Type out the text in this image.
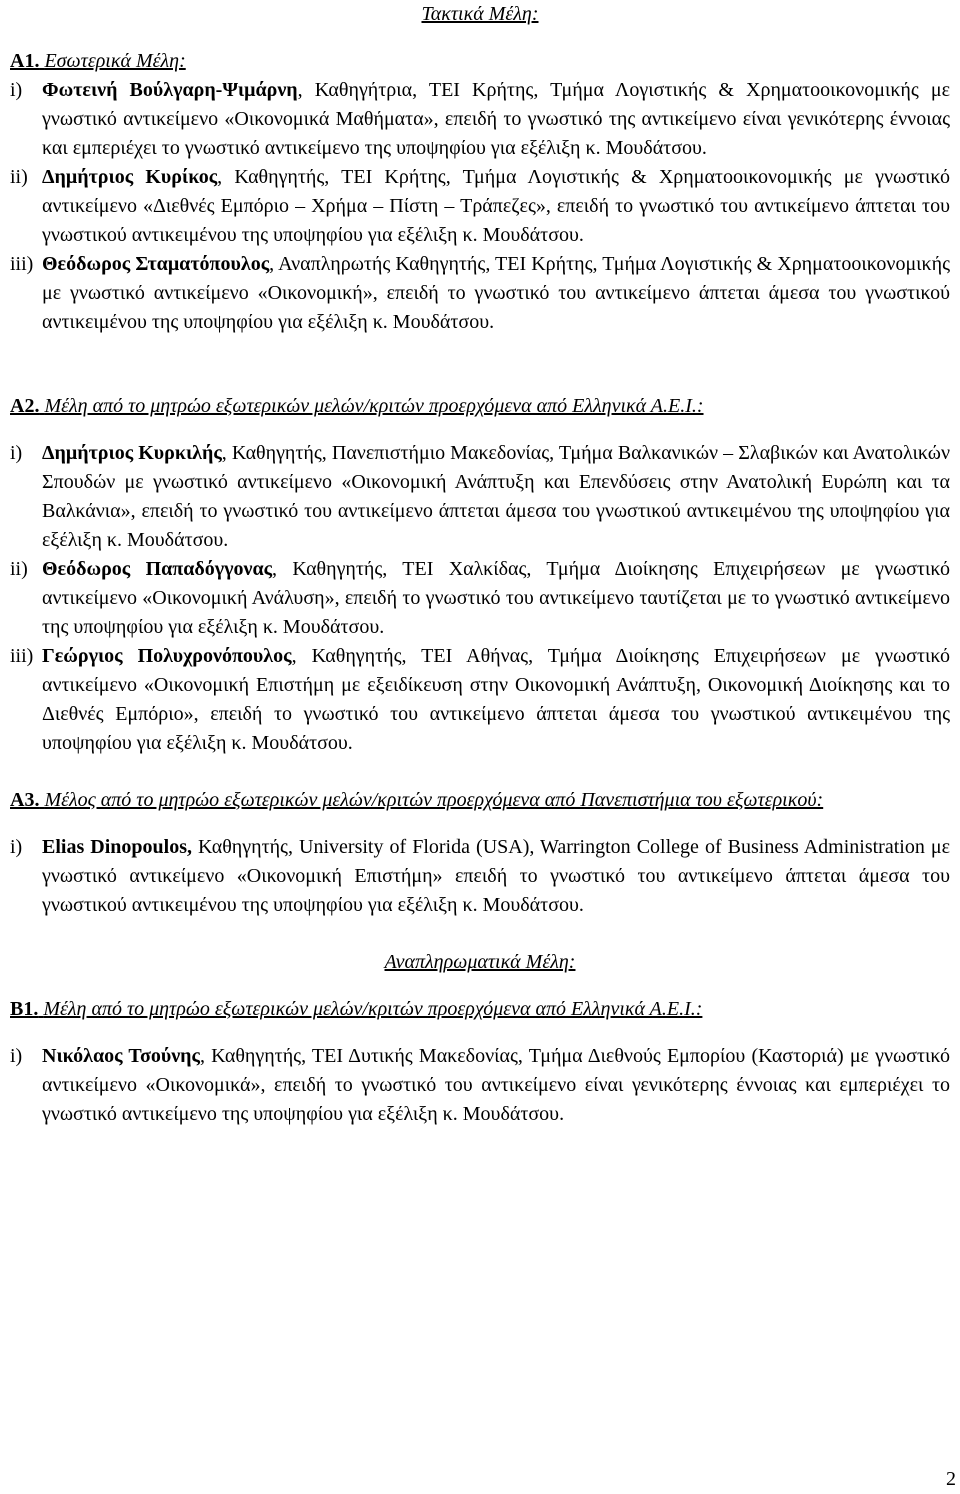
Τακτικά Μέλη:

A1. Εσωτερικά Μέλη:

i) Φωτεινή Βούλγαρη-Ψιμάρνη, Καθηγήτρια, ΤΕΙ Κρήτης, Τμήμα Λογιστικής & Χρηματοοικονομικής με γνωστικό αντικείμενο «Οικονομικά Μαθήματα», επειδή το γνωστικό της αντικείμενο είναι γενικότερης έννοιας και εμπεριέχει το γνωστικό αντικείμενο της υποψηφίου για εξέλιξη κ. Μουδάτσου.
ii) Δημήτριος Κυρίκος, Καθηγητής, ΤΕΙ Κρήτης, Τμήμα Λογιστικής & Χρηματοοικονομικής με γνωστικό αντικείμενο «Διεθνές Εμπόριο – Χρήμα – Πίστη – Τράπεζες», επειδή το γνωστικό του αντικείμενο άπτεται του γνωστικού αντικειμένου της υποψηφίου για εξέλιξη κ. Μουδάτσου.
iii) Θεόδωρος Σταματόπουλος, Αναπληρωτής Καθηγητής, ΤΕΙ Κρήτης, Τμήμα Λογιστικής & Χρηματοοικονομικής με γνωστικό αντικείμενο «Οικονομική», επειδή το γνωστικό του αντικείμενο άπτεται άμεσα του γνωστικού αντικειμένου της υποψηφίου για εξέλιξη κ. Μουδάτσου.

A2. Μέλη από το μητρώο εξωτερικών μελών/κριτών προερχόμενα από Ελληνικά Α.Ε.Ι.:

i) Δημήτριος Κυρκιλής, Καθηγητής, Πανεπιστήμιο Μακεδονίας, Τμήμα Βαλκανικών – Σλαβικών και Ανατολικών Σπουδών με γνωστικό αντικείμενο «Οικονομική Ανάπτυξη και Επενδύσεις στην Ανατολική Ευρώπη και τα Βαλκάνια», επειδή το γνωστικό του αντικείμενο άπτεται άμεσα του γνωστικού αντικειμένου της υποψηφίου για εξέλιξη κ. Μουδάτσου.
ii) Θεόδωρος Παπαδόγγονας, Καθηγητής, ΤΕΙ Χαλκίδας, Τμήμα Διοίκησης Επιχειρήσεων με γνωστικό αντικείμενο «Οικονομική Ανάλυση», επειδή το γνωστικό του αντικείμενο ταυτίζεται με το γνωστικό αντικείμενο της υποψηφίου για εξέλιξη κ. Μουδάτσου.
iii) Γεώργιος Πολυχρονόπουλος, Καθηγητής, ΤΕΙ Αθήνας, Τμήμα Διοίκησης Επιχειρήσεων με γνωστικό αντικείμενο «Οικονομική Επιστήμη με εξειδίκευση στην Οικονομική Ανάπτυξη, Οικονομική Διοίκησης και το Διεθνές Εμπόριο», επειδή το γνωστικό του αντικείμενο άπτεται άμεσα του γνωστικού αντικειμένου της υποψηφίου για εξέλιξη κ. Μουδάτσου.

A3. Μέλος από το μητρώο εξωτερικών μελών/κριτών προερχόμενα από Πανεπιστήμια του εξωτερικού:

i) Elias Dinopoulos, Καθηγητής, University of Florida (USA), Warrington College of Business Administration με γνωστικό αντικείμενο «Οικονομική Επιστήμη» επειδή το γνωστικό του αντικείμενο άπτεται άμεσα του γνωστικού αντικειμένου της υποψηφίου για εξέλιξη κ. Μουδάτσου.

Αναπληρωματικά Μέλη:

B1. Μέλη από το μητρώο εξωτερικών μελών/κριτών προερχόμενα από Ελληνικά Α.Ε.Ι.:

i) Νικόλαος Τσούνης, Καθηγητής, ΤΕΙ Δυτικής Μακεδονίας, Τμήμα Διεθνούς Εμπορίου (Καστοριά) με γνωστικό αντικείμενο «Οικονομικά», επειδή το γνωστικό του αντικείμενο είναι γενικότερης έννοιας και εμπεριέχει το γνωστικό αντικείμενο της υποψηφίου για εξέλιξη κ. Μουδάτσου.
2
